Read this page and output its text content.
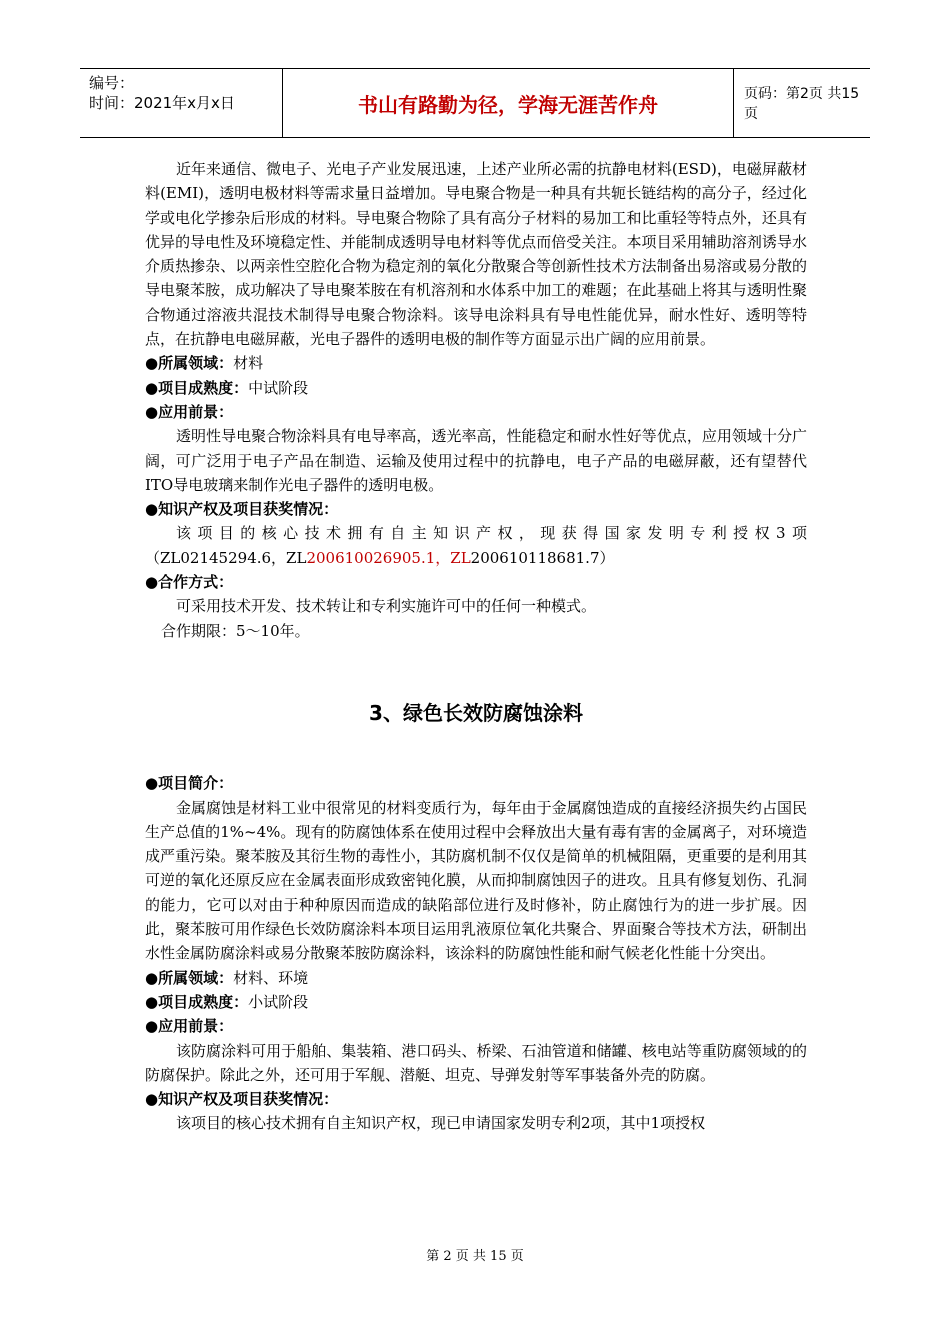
编号：
时间：2021年x月x日	书山有路勤为径，学海无涯苦作舟	页码：第2页 共15页
近年来通信、微电子、光电子产业发展迅速，上述产业所必需的抗静电材料(ESD)，电磁屏蔽材料(EMI)，透明电极材料等需求量日益增加。导电聚合物是一种具有共轭长链结构的高分子，经过化学或电化学掺杂后形成的材料。导电聚合物除了具有高分子材料的易加工和比重轻等特点外，还具有优异的导电性及环境稳定性、并能制成透明导电材料等优点而倍受关注。本项目采用辅助溶剂诱导水介质热掺杂、以两亲性空腔化合物为稳定剂的氧化分散聚合等创新性技术方法制备出易溶或易分散的导电聚苯胺，成功解决了导电聚苯胺在有机溶剂和水体系中加工的难题；在此基础上将其与透明性聚合物通过溶液共混技术制得导电聚合物涂料。该导电涂料具有导电性能优异，耐水性好、透明等特点，在抗静电电磁屏蔽，光电子器件的透明电极的制作等方面显示出广阔的应用前景。
●所属领域：材料
●项目成熟度：中试阶段
●应用前景：
透明性导电聚合物涂料具有电导率高，透光率高，性能稳定和耐水性好等优点，应用领域十分广阔，可广泛用于电子产品在制造、运输及使用过程中的抗静电，电子产品的电磁屏蔽，还有望替代ITO导电玻璃来制作光电子器件的透明电极。
●知识产权及项目获奖情况：
该项目的核心技术拥有自主知识产权，现获得国家发明专利授权3项
（ZL02145294.6，ZL200610026905.1，ZL200610118681.7）
●合作方式：
可采用技术开发、技术转让和专利实施许可中的任何一种模式。
合作期限：5～10年。
3、绿色长效防腐蚀涂料
●项目简介：
金属腐蚀是材料工业中很常见的材料变质行为，每年由于金属腐蚀造成的直接经济损失约占国民生产总值的1%~4%。现有的防腐蚀体系在使用过程中会释放出大量有毒有害的金属离子，对环境造成严重污染。聚苯胺及其衍生物的毒性小，其防腐机制不仅仅是简单的机械阻隔，更重要的是利用其可逆的氧化还原反应在金属表面形成致密钝化膜，从而抑制腐蚀因子的进攻。且具有修复划伤、孔洞的能力，它可以对由于种种原因而造成的缺陷部位进行及时修补，防止腐蚀行为的进一步扩展。因此，聚苯胺可用作绿色长效防腐涂料本项目运用乳液原位氧化共聚合、界面聚合等技术方法，研制出水性金属防腐涂料或易分散聚苯胺防腐涂料，该涂料的防腐蚀性能和耐气候老化性能十分突出。
●所属领域：材料、环境
●项目成熟度：小试阶段
●应用前景：
该防腐涂料可用于船舶、集装箱、港口码头、桥梁、石油管道和储罐、核电站等重防腐领域的的防腐保护。除此之外，还可用于军舰、潜艇、坦克、导弹发射等军事装备外壳的防腐。
●知识产权及项目获奖情况：
该项目的核心技术拥有自主知识产权，现已申请国家发明专利2项，其中1项授权
第 2 页 共 15 页
